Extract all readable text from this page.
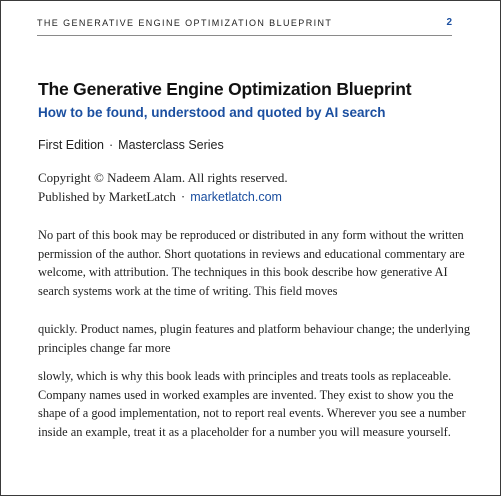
THE GENERATIVE ENGINE OPTIMIZATION BLUEPRINT	2
The Generative Engine Optimization Blueprint
How to be found, understood and quoted by AI search
First Edition · Masterclass Series
Copyright © Nadeem Alam. All rights reserved.
Published by MarketLatch · marketlatch.com

No part of this book may be reproduced or distributed in any form without the written permission of the author. Short quotations in reviews and educational commentary are welcome, with attribution. The techniques in this book describe how generative AI search systems work at the time of writing. This field moves

quickly. Product names, plugin features and platform behaviour change; the underlying principles change far more

slowly, which is why this book leads with principles and treats tools as replaceable. Company names used in worked examples are invented. They exist to show you the shape of a good implementation, not to report real events. Wherever you see a number inside an example, treat it as a placeholder for a number you will measure yourself.
